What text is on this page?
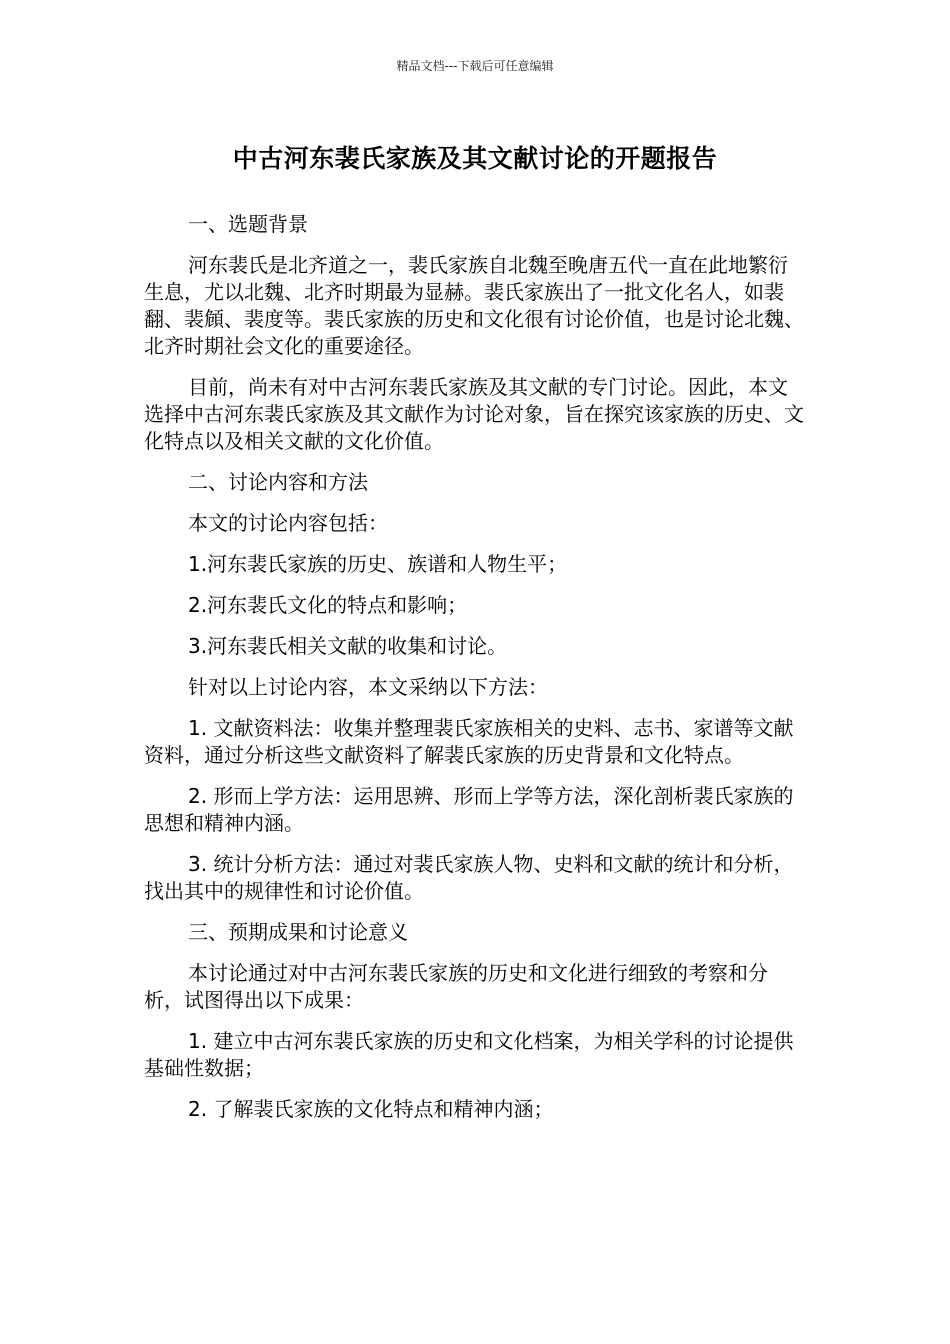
精品文档---下载后可任意编辑
中古河东裴氏家族及其文献讨论的开题报告

一、选题背景

河东裴氏是北齐道之一，裴氏家族自北魏至晚唐五代一直在此地繁衍生息，尤以北魏、北齐时期最为显赫。裴氏家族出了一批文化名人，如裴翻、裴頠、裴度等。裴氏家族的历史和文化很有讨论价值，也是讨论北魏、北齐时期社会文化的重要途径。

目前，尚未有对中古河东裴氏家族及其文献的专门讨论。因此，本文选择中古河东裴氏家族及其文献作为讨论对象，旨在探究该家族的历史、文化特点以及相关文献的文化价值。

二、讨论内容和方法

本文的讨论内容包括：

1.河东裴氏家族的历史、族谱和人物生平；

2.河东裴氏文化的特点和影响；

3.河东裴氏相关文献的收集和讨论。

针对以上讨论内容，本文采纳以下方法：

1. 文献资料法：收集并整理裴氏家族相关的史料、志书、家谱等文献资料，通过分析这些文献资料了解裴氏家族的历史背景和文化特点。

2. 形而上学方法：运用思辨、形而上学等方法，深化剖析裴氏家族的思想和精神内涵。

3. 统计分析方法：通过对裴氏家族人物、史料和文献的统计和分析，找出其中的规律性和讨论价值。

三、预期成果和讨论意义

本讨论通过对中古河东裴氏家族的历史和文化进行细致的考察和分析，试图得出以下成果：

1. 建立中古河东裴氏家族的历史和文化档案，为相关学科的讨论提供基础性数据；

2. 了解裴氏家族的文化特点和精神内涵；
